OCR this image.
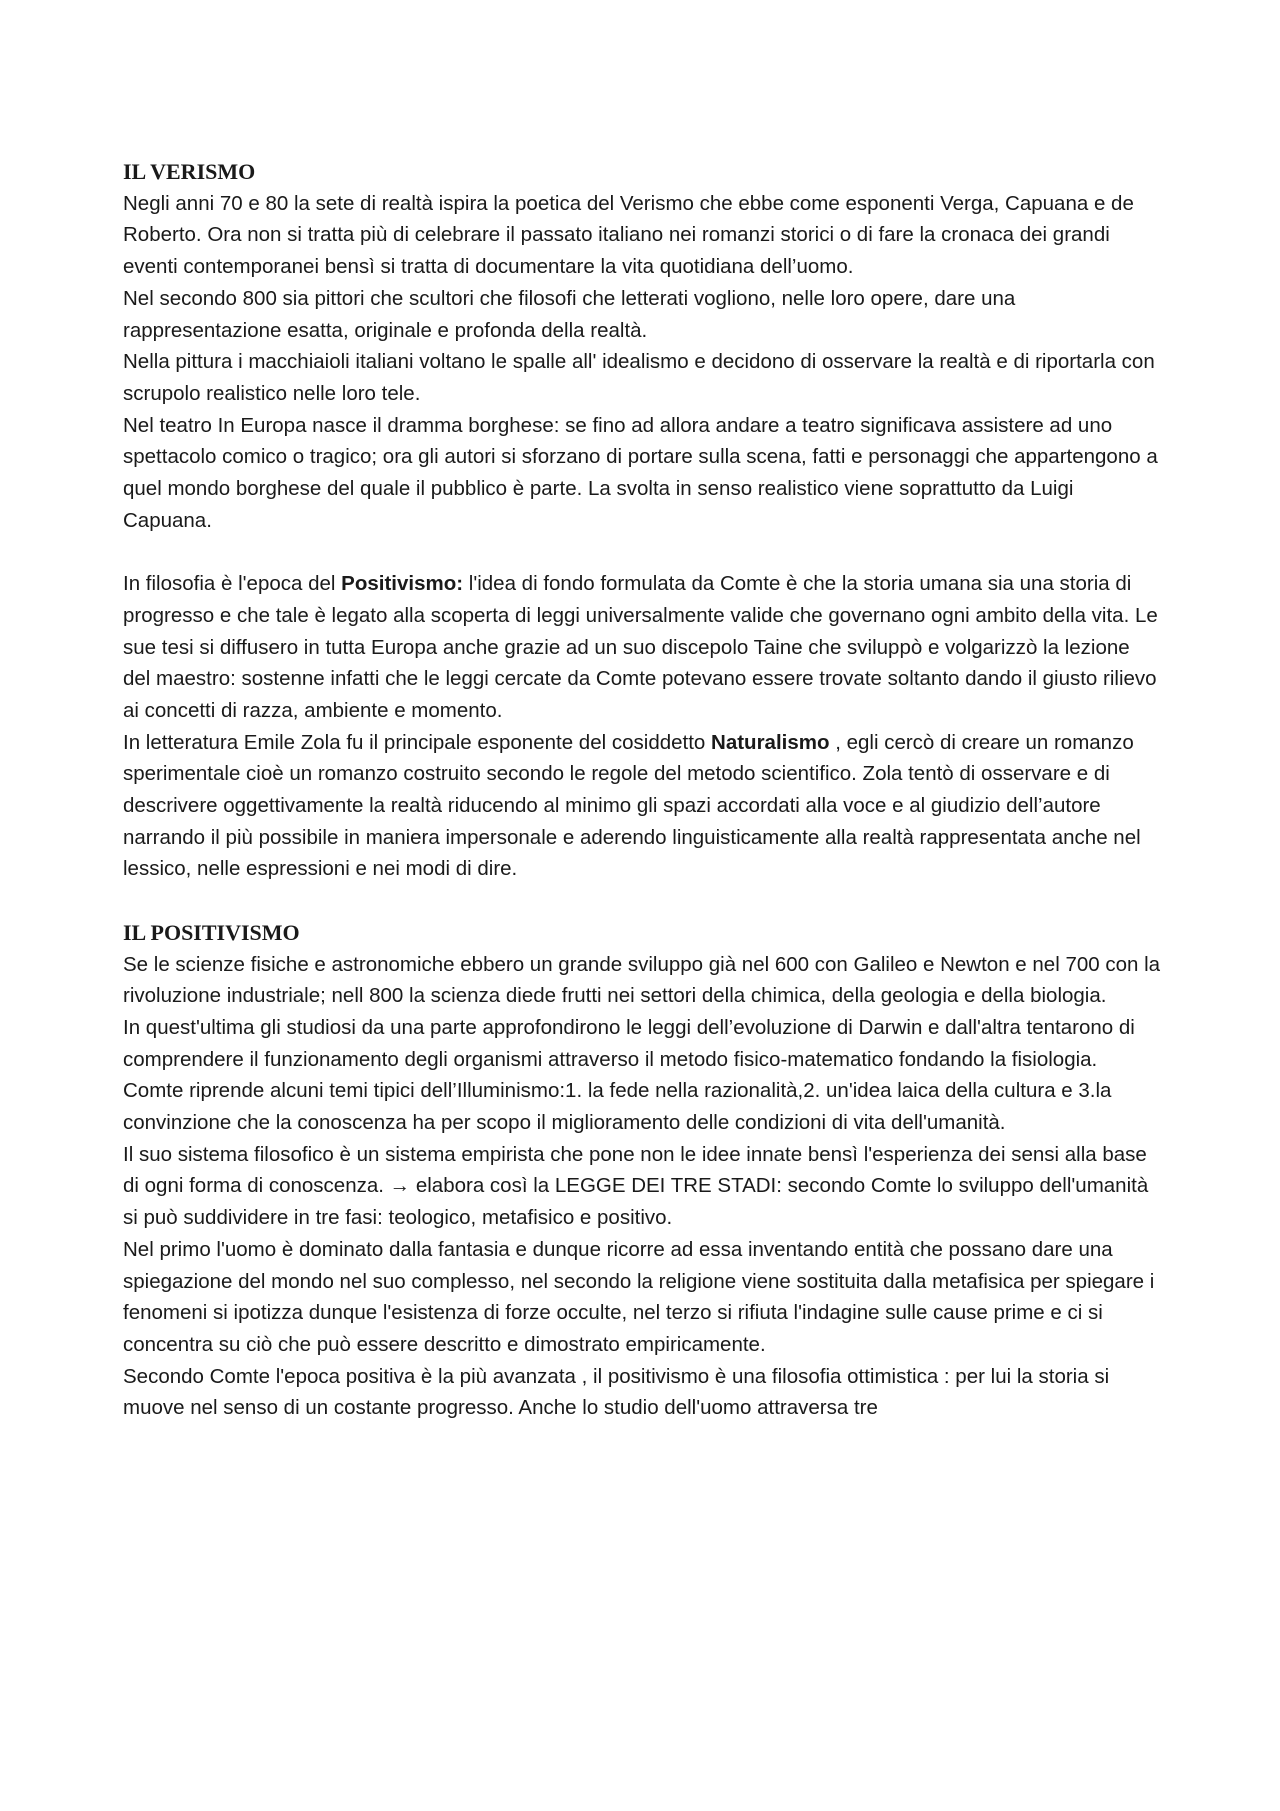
IL VERISMO

Negli anni 70 e 80 la sete di realtà ispira la poetica del Verismo che ebbe come esponenti Verga, Capuana e de Roberto. Ora non si tratta più di celebrare il passato italiano nei romanzi storici o di fare la cronaca dei grandi eventi contemporanei bensì si tratta di documentare la vita quotidiana dell’uomo.

Nel secondo 800 sia pittori che scultori che filosofi che letterati vogliono, nelle loro opere, dare una rappresentazione esatta, originale e profonda della realtà.

Nella pittura i macchiaioli italiani voltano le spalle all' idealismo e decidono di osservare la realtà e di riportarla con scrupolo realistico nelle loro tele.

Nel teatro In Europa nasce il dramma borghese: se fino ad allora andare a teatro significava assistere ad uno spettacolo comico o tragico; ora gli autori si sforzano di portare sulla scena, fatti e personaggi che appartengono a quel mondo borghese del quale il pubblico è parte. La svolta in senso realistico viene soprattutto da Luigi Capuana.

In filosofia è l'epoca del Positivismo: l'idea di fondo formulata da Comte è che la storia umana sia una storia di progresso e che tale è legato alla scoperta di leggi universalmente valide che governano ogni ambito della vita. Le sue tesi si diffusero in tutta Europa anche grazie ad un suo discepolo Taine che sviluppò e volgarizzò la lezione del maestro: sostenne infatti che le leggi cercate da Comte potevano essere trovate soltanto dando il giusto rilievo ai concetti di razza, ambiente e momento.

In letteratura Emile Zola fu il principale esponente del cosiddetto Naturalismo , egli cercò di creare un romanzo sperimentale cioè un romanzo costruito secondo le regole del metodo scientifico. Zola tentò di osservare e di descrivere oggettivamente la realtà riducendo al minimo gli spazi accordati alla voce e al giudizio dell’autore narrando il più possibile in maniera impersonale e aderendo linguisticamente alla realtà rappresentata anche nel lessico, nelle espressioni e nei modi di dire.

IL POSITIVISMO

Se le scienze fisiche e astronomiche ebbero un grande sviluppo già nel 600 con Galileo e Newton e nel 700 con la rivoluzione industriale; nell 800 la scienza diede frutti nei settori della chimica, della geologia e della biologia.

In quest'ultima gli studiosi da una parte approfondirono le leggi dell’evoluzione di Darwin e dall'altra tentarono di comprendere il funzionamento degli organismi attraverso il metodo fisico-matematico fondando la fisiologia.

Comte riprende alcuni temi tipici dell’Illuminismo:1. la fede nella razionalità,2. un'idea laica della cultura e 3.la convinzione che la conoscenza ha per scopo il miglioramento delle condizioni di vita dell'umanità.

Il suo sistema filosofico è un sistema empirista che pone non le idee innate bensì l'esperienza dei sensi alla base di ogni forma di conoscenza. → elabora così la LEGGE DEI TRE STADI: secondo Comte lo sviluppo dell'umanità si può suddividere in tre fasi: teologico, metafisico e positivo.

Nel primo l'uomo è dominato dalla fantasia e dunque ricorre ad essa inventando entità che possano dare una spiegazione del mondo nel suo complesso, nel secondo la religione viene sostituita dalla metafisica per spiegare i fenomeni si ipotizza dunque l'esistenza di forze occulte, nel terzo si rifiuta l'indagine sulle cause prime e ci si concentra su ciò che può essere descritto e dimostrato empiricamente.

Secondo Comte l'epoca positiva è la più avanzata , il positivismo è una filosofia ottimistica : per lui la storia si muove nel senso di un costante progresso. Anche lo studio dell'uomo attraversa tre
